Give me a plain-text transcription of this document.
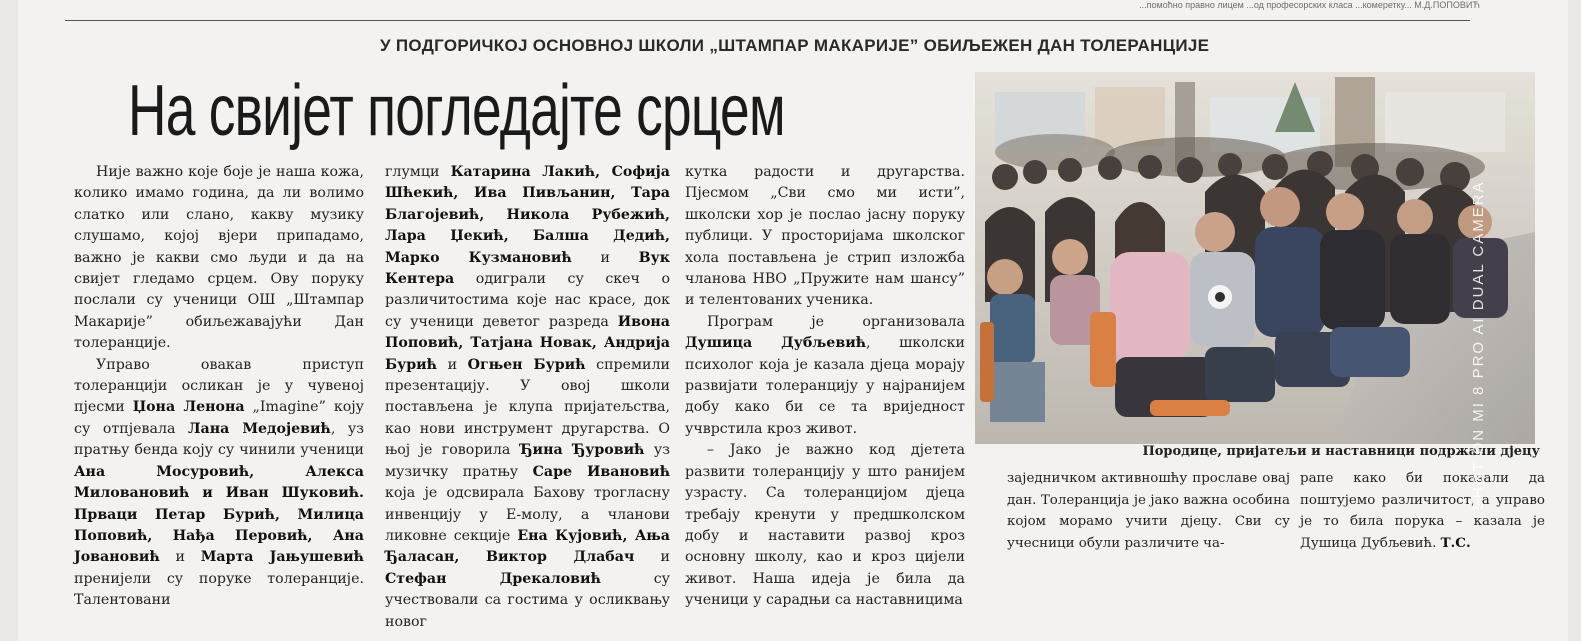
...помоћно правно лицем ...од професорских класа ...комеретку... М.Д.ПОПОВИЋ
У ПОДГОРИЧКОЈ ОСНОВНОЈ ШКОЛИ „ШТАМПАР МАКАРИЈЕ” ОБИЉЕЖЕН ДАН ТОЛЕРАНЦИЈЕ
На свијет погледајте срцем

Није важно које боје је наша кожа, колико имамо година, да ли волимо слатко или слано, какву музику слушамо, којој вјери припадамо, важно је какви смо људи и да на свијет гледамо срцем. Ову поруку послали су ученици ОШ „Штампар Макарије” обиљежавајући Дан толеранције.

Управо овакав приступ толеранцији осликан је у чувеној пјесми Џона Ленона „Imagine” коју су отпјевала Лана Медојевић, уз пратњу бенда коју су чинили ученици Ана Мосуровић, Алекса Миловановић и Иван Шуковић. Прваци Петар Бурић, Милица Поповић, Нађа Перовић, Ана Јовановић и Марта Јањушевић пренијели су поруке толеранције. Талентовани

глумци Катарина Лакић, Софија Шћекић, Ива Пивљанин, Тара Благојевић, Никола Рубежић, Лара Џекић, Балша Дедић, Марко Кузмановић и Вук Кентера одиграли су скеч о различитостима које нас красе, док су ученици деветог разреда Ивона Поповић, Татјана Новак, Андрија Бурић и Огњен Бурић спремили презентацију. У овој школи постављена је клупа пријатељства, као нови инструмент другарства. О њој је говорила Ђина Ђуровић уз музичку пратњу Саре Ивановић која је одсвирала Баховy трогласну инвенцију у Е-молу, а чланови ликовне секције Ена Кујовић, Ања Ђаласан, Виктор Длабач и Стефан Дрекаловић су учествовали са гостима у осликвању новог

кутка радости и другарства. Пјесмом „Сви смо ми исти”, школски хор је послао јасну поруку публици. У просторијама школског хола постављена је стрип изложба чланова НВО „Пружите нам шансу” и телентованих ученика.

Програм је организовала Душица Дубљевић, школски психолог која је казала дјеца морају развијати толеранцију у најранијем добу како би се та вриједност учврстила кроз живот.

– Јако је важно код дјетета развити толеранцију у што ранијем узрасту. Са толеранцијом дјеца требају кренути у предшколском добу и наставити развој кроз основну школу, као и кроз цијели живот. Наша идеја је била да ученици у сарадњи са наставницима

Породице, пријатељи и наставници подржали дјецу

заједничком активношћу прославе овај дан. Толеранција је јако важна особина којом морамо учити дјецу. Сви су учесници обули различите ча-

рапе како би показали да поштујемо различитост, а управо је то била порука – казала је Душица Дубљевић. Т.С.

SHOT ON MI 8 PRO AI DUAL CAMERA
